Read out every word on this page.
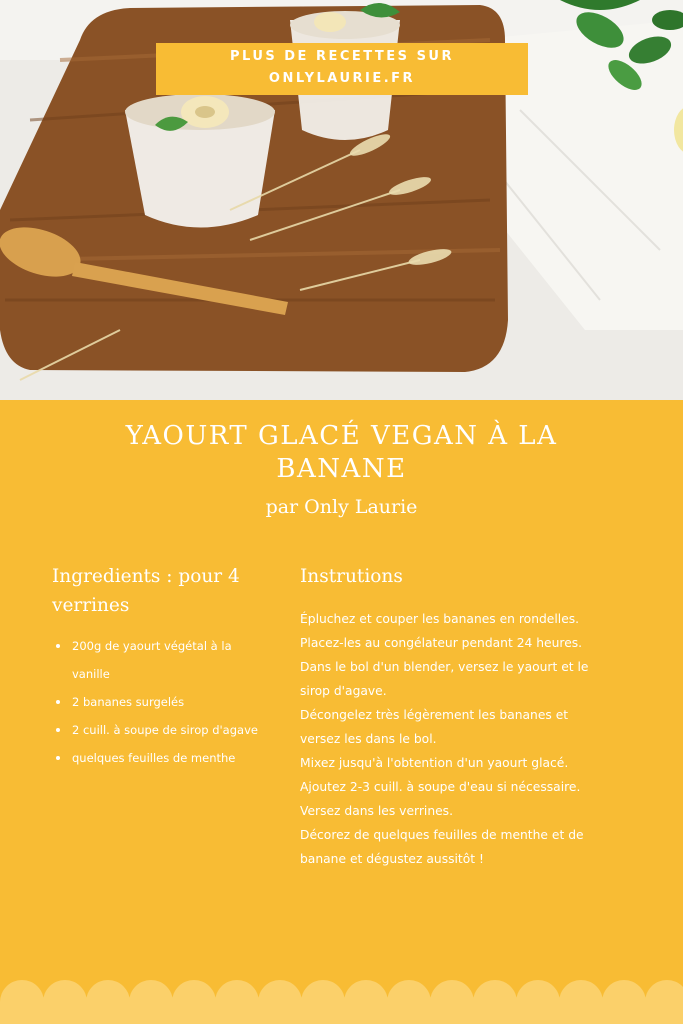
PLUS DE RECETTES SUR
ONLYLAURIE.FR
YAOURT GLACÉ VEGAN À LA
BANANE
par Only Laurie
Ingredients : pour 4
verrines
200g de yaourt végétal à la
vanille
2 bananes surgelés
2 cuill. à soupe de sirop d'agave
quelques feuilles de menthe
Instrutions
Épluchez et couper les bananes en rondelles.
Placez-les au congélateur pendant 24 heures.
Dans le bol d'un blender, versez le yaourt et le
sirop d'agave.
Décongelez très légèrement les bananes et
versez les dans le bol.
Mixez jusqu'à l'obtention d'un yaourt glacé.
Ajoutez 2-3 cuill. à soupe d'eau si nécessaire.
Versez dans les verrines.
Décorez de quelques feuilles de menthe et de
banane et dégustez aussitôt !
